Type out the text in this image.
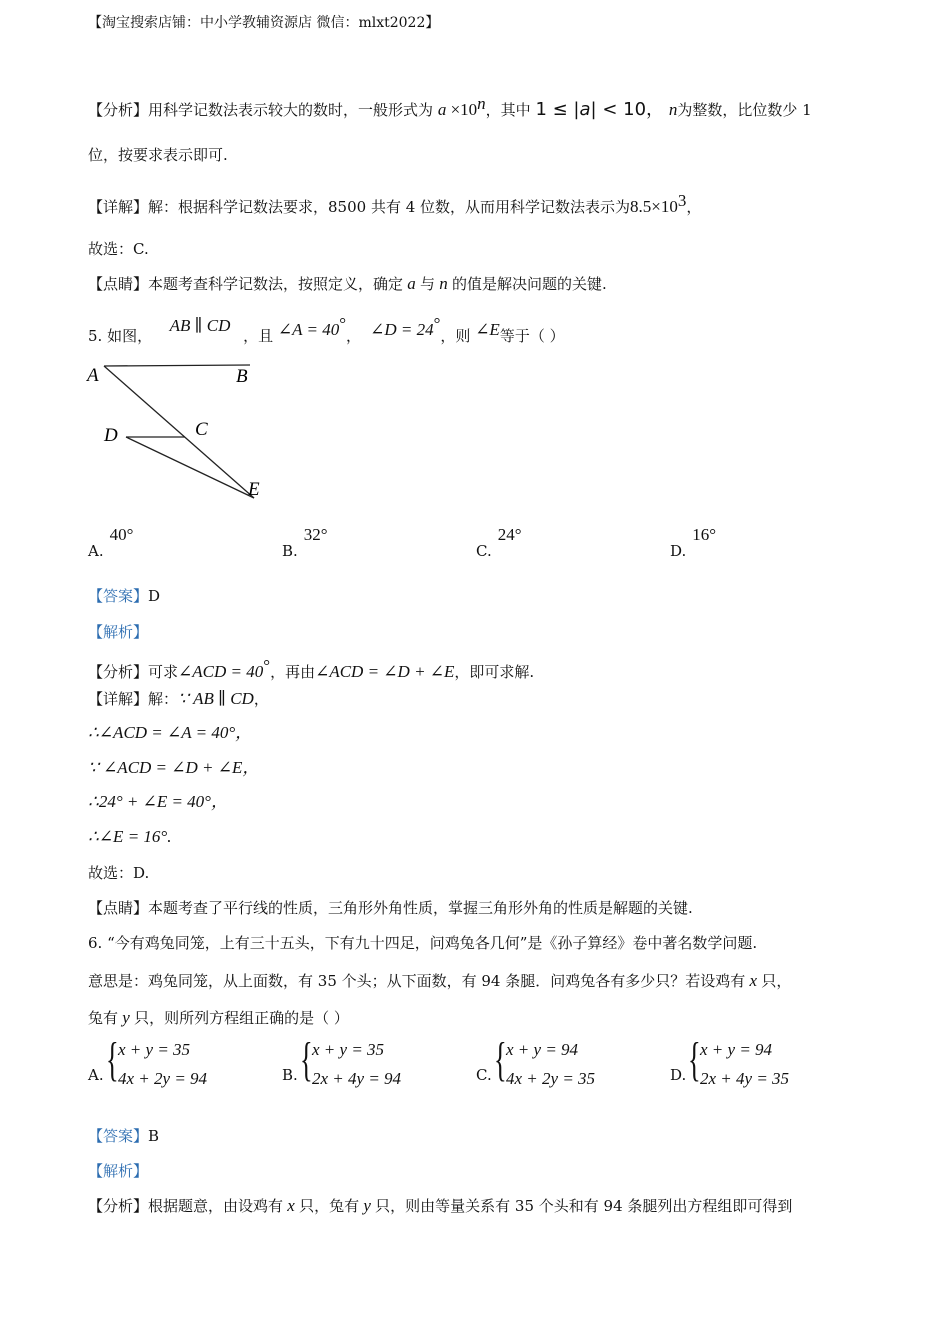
【淘宝搜索店铺：中小学教辅资源店 微信：mlxt2022】
【分析】用科学记数法表示较大的数时，一般形式为 $a \times 10^n$，其中 1 ≤ |a| < 10， n为整数，比位数少 1
位，按要求表示即可.
【详解】解：根据科学记数法要求，8500 共有 4 位数，从而用科学记数法表示为$8.5\times 10^3$，
故选：C.
【点睛】本题考查科学记数法，按照定义，确定 a 与 n 的值是解决问题的关键.
5. 如图，    AB ∥ CD   ，且 ∠A = 40°，  ∠D = 24°，则 ∠E等于（ ）
A	B
D	C
E
A.40°
B.32°
C.24°
D.16°
【答案】D
【解析】
【分析】可求∠ACD = 40°，再由∠ACD = ∠D + ∠E，即可求解.
【详解】解：∵ AB ∥ CD，
∴∠ACD = ∠A = 40°，
∵ ∠ACD = ∠D + ∠E，
∴24° + ∠E = 40°，
∴∠E = 16°.
故选：D.
【点睛】本题考查了平行线的性质，三角形外角性质，掌握三角形外角的性质是解题的关键.
6. “今有鸡兔同笼，上有三十五头，下有九十四足，问鸡兔各几何”是《孙子算经》卷中著名数学问题.
意思是：鸡兔同笼，从上面数，有 35 个头；从下面数，有 94 条腿．问鸡兔各有多少只？若设鸡有 x 只，
兔有 y 只，则所列方程组正确的是（ ）
A. { x + y = 35
4x + 2y = 94	B. { x + y = 35
2x + 4y = 94	C. { x + y = 94
4x + 2y = 35	D. { x + y = 94
2x + 4y = 35
【答案】B
【解析】
【分析】根据题意，由设鸡有 x 只，兔有 y 只，则由等量关系有 35 个头和有 94 条腿列出方程组即可得到
